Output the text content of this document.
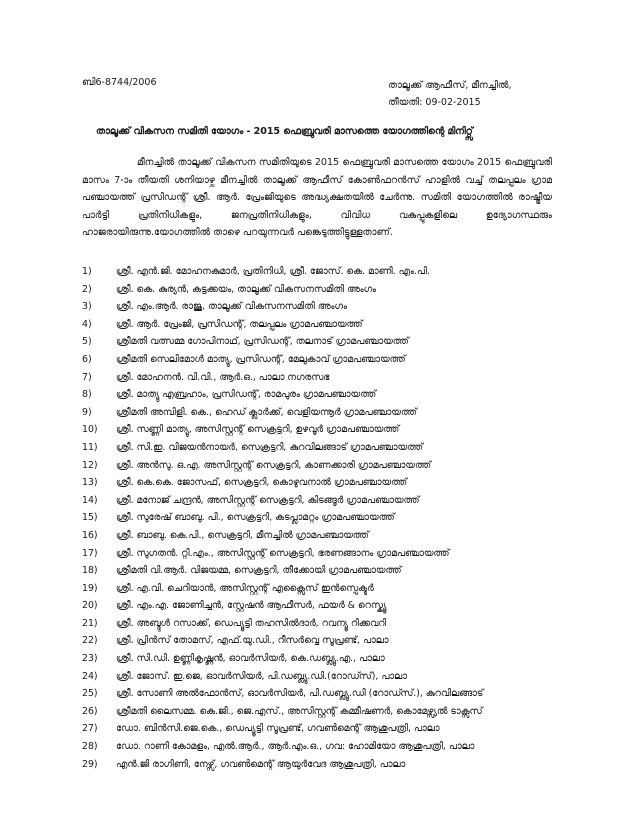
ബി6-8744/2006	താലൂക്ക് ആഫീസ്, മീനച്ചിൽ,
തീയതി: 09-02-2015
താലൂക്ക് വികസന സമിതി യോഗം - 2015 ഫെബ്രുവരി മാസത്തെ യോഗത്തിന്റെ മിനിറ്റ്സ്

മീനച്ചിൽ താലൂക്ക് വികസന സമിതിയുടെ 2015 ഫെബ്രുവരി മാസത്തെ യോഗം 2015 ഫെബ്രുവരി മാസം 7-ാം തീയതി ശനിയാഴ്ച മീനച്ചിൽ താലൂക്ക് ആഫീസ് കോൺഫറൻസ് ഹാളിൽ വച്ച് തലപ്പലം ഗ്രാമ പഞ്ചായത്ത് പ്രസിഡന്റ് ശ്രീ. ആർ. പ്രേംജിയുടെ അദ്ധ്യക്ഷതയിൽ ചേർന്നു. സമിതി യോഗത്തിൽ രാഷ്ട്രീയ പാർട്ടി പ്രതിനിധികളും, ജനപ്രതിനിധികളും, വിവിധ വകുപ്പുകളിലെ ഉദ്യോഗസ്ഥരും ഹാജരായിരുന്നു.യോഗത്തിൽ താഴെ പറയുന്നവർ പങ്കെടുത്തിട്ടുള്ളതാണ്.

1)	ശ്രീ. എൻ.ജി. മോഹനകുമാർ, പ്രതിനിധി, ശ്രീ. ജോസ്. കെ. മാണി. എം.പി.
2)	ശ്രീ. കെ. കുര്യൻ, കട്ടക്കയം, താലൂക്ക് വികസനസമിതി അംഗം
3)	ശ്രീ. എം.ആർ. രാജു, താലൂക്ക് വികസനസമിതി അംഗം
4)	ശ്രീ. ആർ. പ്രേംജി, പ്രസിഡന്റ്, തലപ്പലം ഗ്രാമപഞ്ചായത്ത്
5)	ശ്രീമതി വത്സമ്മ ഗോപിനാഥ്, പ്രസിഡന്റ്, തലനാട് ഗ്രാമപഞ്ചായത്ത്
6)	ശ്രീമതി സെലിമോൾ മാത്യു, പ്രസിഡന്റ്, മേലുകാവ് ഗ്രാമപഞ്ചായത്ത്
7)	ശ്രീ. മോഹനൻ. വി.വി., ആർ.ഒ., പാലാ നഗരസഭ
8)	ശ്രീ. മാത്യു എബ്രഹാം, പ്രസിഡന്റ്, രാമപുരം ഗ്രാമപഞ്ചായത്ത്
9)	ശ്രീമതി അമ്പിളി. കെ., ഹെഡ് ക്ലാർക്ക്, വെളിയന്നൂർ ഗ്രാമപഞ്ചായത്ത്
10)	ശ്രീ. സണ്ണി മാത്യു, അസിസ്റ്റന്റ് സെക്രട്ടറി, ഉഴവൂർ ഗ്രാമപഞ്ചായത്ത്
11)	ശ്രീ. സി.ഇ. വിജയൻനായർ, സെക്രട്ടറി, കുറവിലങ്ങാട് ഗ്രാമപഞ്ചായത്ത്
12)	ശ്രീ. അൻസു. ഒ.എ. അസിസ്റ്റന്റ് സെക്രട്ടറി, കാണക്കാരി ഗ്രാമപഞ്ചായത്ത്
13)	ശ്രീ. കെ.കെ. ജോസഫ്, സെക്രട്ടറി, കൊഴുവനാൽ ഗ്രാമപഞ്ചായത്ത്
14)	ശ്രീ. മനോജ് ചന്ദ്രൻ, അസിസ്റ്റന്റ് സെക്രട്ടറി, കിടങ്ങൂർ ഗ്രാമപഞ്ചായത്ത്
15)	ശ്രീ. സുരേഷ് ബാബു. പി., സെക്രട്ടറി, കടപ്ലാമറ്റം ഗ്രാമപഞ്ചായത്ത്
16)	ശ്രീ. ബാബു. കെ.പി., സെക്രട്ടറി, മീനച്ചിൽ ഗ്രാമപഞ്ചായത്ത്
17)	ശ്രീ. സുഗതൻ. റ്റി.എം., അസിസ്റ്റന്റ് സെക്രട്ടറി, ഭരണങ്ങാനം ഗ്രാമപഞ്ചായത്ത്
18)	ശ്രീമതി വി.ആർ. വിജയമ്മ, സെക്രട്ടറി, തീക്കോയി ഗ്രാമപഞ്ചായത്ത്
19)	ശ്രീ. എ.വി. ചെറിയാൻ, അസിസ്റ്റന്റ് എക്സൈസ് ഇൻസ്പെക്ടർ
20)	ശ്രീ. എം.എ. ജോണിച്ചൻ, സ്റ്റേഷൻ ആഫീസർ, ഫയർ & റെസ്ക്യൂ
21)	ശ്രീ. അബ്ദുൾ റസാക്ക്, ഡെപ്യൂട്ടി തഹസിൽദാർ, റവന്യൂ റിക്കവറി
22)	ശ്രീ. പ്രിൻസ് തോമസ്, എഫ്.യു.ഡി., റീസർവ്വെ സൂപ്രണ്ട്, പാലാ
23)	ശ്രീ. സി.ഡി. ഉണ്ണികൃഷ്ണൻ, ഓവർസിയർ, കെ.ഡബ്ല്യു.എ., പാലാ
24)	ശ്രീ. ജോസ്. ഇ.ജെ, ഓവർസിയർ, പി.ഡബ്ല്യു.ഡി.(റോഡ്സ്), പാലാ
25)	ശ്രീ. സോണി അൽഫോൻസ്, ഓവർസിയർ, പി.ഡബ്ല്യു.ഡി (റോഡ്സ്.), കുറവിലങ്ങാട്
26)	ശ്രീമതി ലൈസമ്മ. കെ.ജി., ജെ.എസ്., അസിസ്റ്റന്റ് കമ്മീഷണർ, കൊമേഴ്സ്യൽ ടാക്സസ്
27)	ഡോ. ബിൻസി.ജെ.കെ., ഡെപ്യൂട്ടി സൂപ്രണ്ട്, ഗവൺമെന്റ് ആശുപത്രി, പാലാ
28)	ഡോ. റാണി കോമളം, എൽ.ആർ., ആർ.എം.ഒ., ഗവ: ഹോമിയോ ആശുപത്രി, പാലാ
29)	എൻ.ജി രാഗിണി, നേഴ്സ്, ഗവൺമെന്റ് ആയുർവേദ ആശുപത്രി, പാലാ
